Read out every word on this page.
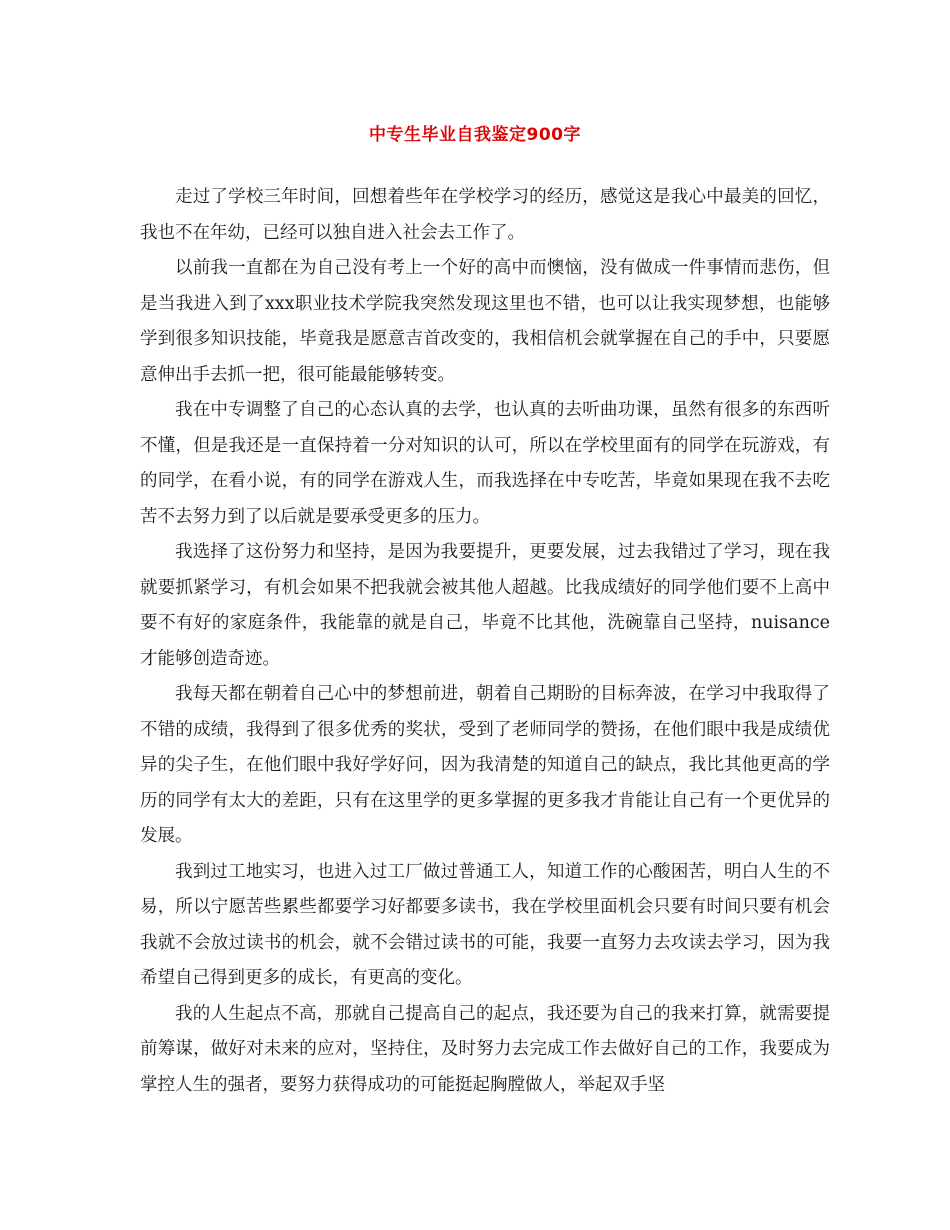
中专生毕业自我鉴定900字

走过了学校三年时间，回想着些年在学校学习的经历，感觉这是我心中最美的回忆，我也不在年幼，已经可以独自进入社会去工作了。

以前我一直都在为自己没有考上一个好的高中而懊恼，没有做成一件事情而悲伤，但是当我进入到了xxx职业技术学院我突然发现这里也不错，也可以让我实现梦想，也能够学到很多知识技能，毕竟我是愿意吉首改变的，我相信机会就掌握在自己的手中，只要愿意伸出手去抓一把，很可能最能够转变。

我在中专调整了自己的心态认真的去学，也认真的去听曲功课，虽然有很多的东西听不懂，但是我还是一直保持着一分对知识的认可，所以在学校里面有的同学在玩游戏，有的同学，在看小说，有的同学在游戏人生，而我选择在中专吃苦，毕竟如果现在我不去吃苦不去努力到了以后就是要承受更多的压力。

我选择了这份努力和坚持，是因为我要提升，更要发展，过去我错过了学习，现在我就要抓紧学习，有机会如果不把我就会被其他人超越。比我成绩好的同学他们要不上高中要不有好的家庭条件，我能靠的就是自己，毕竟不比其他，洗碗靠自己坚持，nuisance才能够创造奇迹。

我每天都在朝着自己心中的梦想前进，朝着自己期盼的目标奔波，在学习中我取得了不错的成绩，我得到了很多优秀的奖状，受到了老师同学的赞扬，在他们眼中我是成绩优异的尖子生，在他们眼中我好学好问，因为我清楚的知道自己的缺点，我比其他更高的学历的同学有太大的差距，只有在这里学的更多掌握的更多我才肯能让自己有一个更优异的发展。

我到过工地实习，也进入过工厂做过普通工人，知道工作的心酸困苦，明白人生的不易，所以宁愿苦些累些都要学习好都要多读书，我在学校里面机会只要有时间只要有机会我就不会放过读书的机会，就不会错过读书的可能，我要一直努力去攻读去学习，因为我希望自己得到更多的成长，有更高的变化。

我的人生起点不高，那就自己提高自己的起点，我还要为自己的我来打算，就需要提前筹谋，做好对未来的应对，坚持住，及时努力去完成工作去做好自己的工作，我要成为掌控人生的强者，要努力获得成功的可能挺起胸膛做人，举起双手坚
